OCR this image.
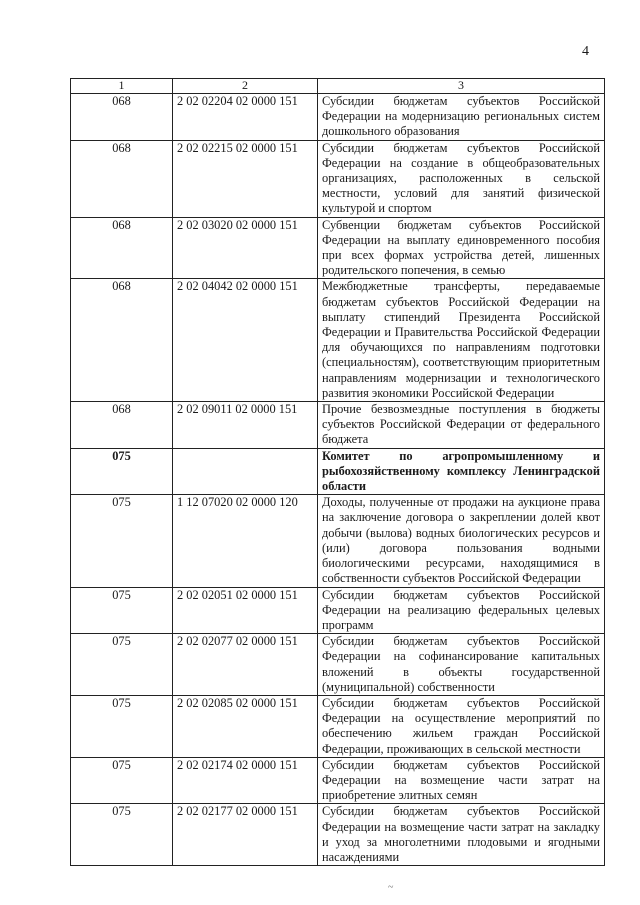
4
1	2	3
068	2 02 02204 02 0000 151	Субсидии бюджетам субъектов Российской Федерации на модернизацию региональных систем дошкольного образования
068	2 02 02215 02 0000 151	Субсидии бюджетам субъектов Российской Федерации на создание в общеобразовательных организациях, расположенных в сельской местности, условий для занятий физической культурой и спортом
068	2 02 03020 02 0000 151	Субвенции бюджетам субъектов Российской Федерации на выплату единовременного пособия при всех формах устройства детей, лишенных родительского попечения, в семью
068	2 02 04042 02 0000 151	Межбюджетные трансферты, передаваемые бюджетам субъектов Российской Федерации на выплату стипендий Президента Российской Федерации и Правительства Российской Федерации для обучающихся по направлениям подготовки (специальностям), соответствующим приоритетным направлениям модернизации и технологического развития экономики Российской Федерации
068	2 02 09011 02 0000 151	Прочие безвозмездные поступления в бюджеты субъектов Российской Федерации от федерального бюджета
075		Комитет по агропромышленному и рыбохозяйственному комплексу Ленинградской области
075	1 12 07020 02 0000 120	Доходы, полученные от продажи на аукционе права на заключение договора о закреплении долей квот добычи (вылова) водных биологических ресурсов и (или) договора пользования водными биологическими ресурсами, находящимися в собственности субъектов Российской Федерации
075	2 02 02051 02 0000 151	Субсидии бюджетам субъектов Российской Федерации на реализацию федеральных целевых программ
075	2 02 02077 02 0000 151	Субсидии бюджетам субъектов Российской Федерации на софинансирование капитальных вложений в объекты государственной (муниципальной) собственности
075	2 02 02085 02 0000 151	Субсидии бюджетам субъектов Российской Федерации на осуществление мероприятий по обеспечению жильем граждан Российской Федерации, проживающих в сельской местности
075	2 02 02174 02 0000 151	Субсидии бюджетам субъектов Российской Федерации на возмещение части затрат на приобретение элитных семян
075	2 02 02177 02 0000 151	Субсидии бюджетам субъектов Российской Федерации на возмещение части затрат на закладку и уход за многолетними плодовыми и ягодными насаждениями
~
